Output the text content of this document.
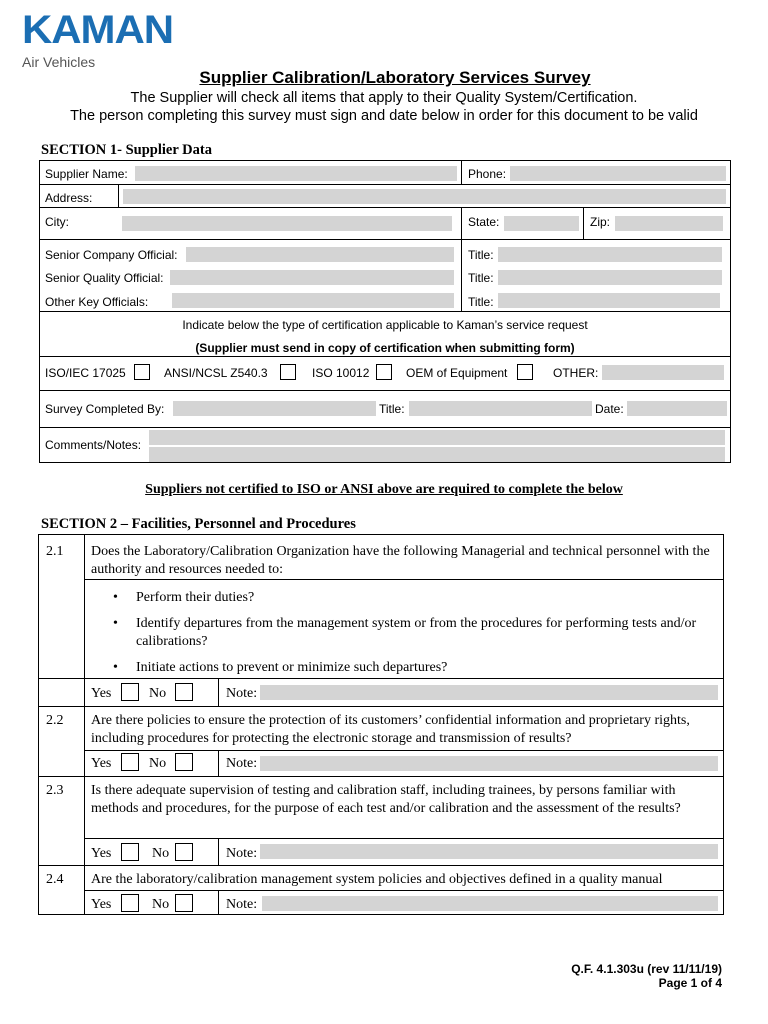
KAMAN
Air Vehicles
Supplier Calibration/Laboratory Services Survey
The Supplier will check all items that apply to their Quality System/Certification.
The person completing this survey must sign and date below in order for this document to be valid
SECTION 1- Supplier Data
Supplier Name:	Phone:
Address:
City:	State:	Zip:
Senior Company Official:	Title:
Senior Quality Official:	Title:
Other Key Officials:	Title:
Indicate below the type of certification applicable to Kaman’s service request
(Supplier must send in copy of certification when submitting form)
ISO/IEC 17025	ANSI/NCSL Z540.3	ISO 10012	OEM of Equipment	OTHER:
Survey Completed By:	Title:	Date:
Comments/Notes:
Suppliers not certified to ISO or ANSI above are required to complete the below
SECTION 2 – Facilities, Personnel and Procedures
2.1 Does the Laboratory/Calibration Organization have the following Managerial and technical personnel with the authority and resources needed to:
• Perform their duties?
• Identify departures from the management system or from the procedures for performing tests and/or calibrations?
• Initiate actions to prevent or minimize such departures?
Yes	No	Note:
2.2 Are there policies to ensure the protection of its customers’ confidential information and proprietary rights, including procedures for protecting the electronic storage and transmission of results?
Yes	No	Note:
2.3 Is there adequate supervision of testing and calibration staff, including trainees, by persons familiar with methods and procedures, for the purpose of each test and/or calibration and the assessment of the results?
Yes	No	Note:
2.4 Are the laboratory/calibration management system policies and objectives defined in a quality manual
Yes	No	Note:
Q.F. 4.1.303u (rev 11/11/19)
Page 1 of 4
